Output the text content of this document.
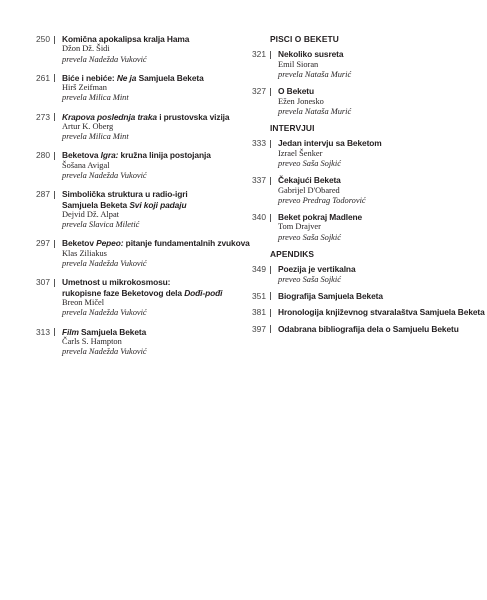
250 Komična apokalipsa kralja Hama
Džon Dž. Šidi
prevela Nadežda Vuković
261 Biće i nebiće: Ne ja Samjuela Beketa
Hirš Zeifman
prevela Milica Mint
273 Krapova poslednja traka i prustovska vizija
Artur K. Oberg
prevela Milica Mint
280 Beketova Igra: kružna linija postojanja
Šošana Avigal
prevela Nadežda Vuković
287 Simbolička struktura u radio-igri
Samjuela Beketa Svi koji padaju
Dejvid Dž. Alpat
prevela Slavica Miletić
297 Beketov Pepeo: pitanje fundamentalnih zvukova
Klas Ziliakus
prevela Nadežda Vuković
307 Umetnost u mikrokosmosu:
rukopisne faze Beketovog dela Dođi-pođi
Breon Mičel
prevela Nadežda Vuković
313 Film Samjuela Beketa
Čarls S. Hampton
prevela Nadežda Vuković
PISCI O BEKETU
321 Nekoliko susreta
Emil Sioran
prevela Nataša Murić
327 O Beketu
Ežen Jonesko
prevela Nataša Murić
INTERVJUI
333 Jedan intervju sa Beketom
Izrael Šenker
preveo Saša Sojkić
337 Čekajući Beketa
Gabrijel D'Obared
preveo Predrag Todorović
340 Beket pokraj Madlene
Tom Drajver
preveo Saša Sojkić
APENDIKS
349 Poezija je vertikalna
preveo Saša Sojkić
351 Biografija Samjuela Beketa
381 Hronologija književnog stvaralaštva Samjuela Beketa
397 Odabrana bibliografija dela o Samjuelu Beketu
